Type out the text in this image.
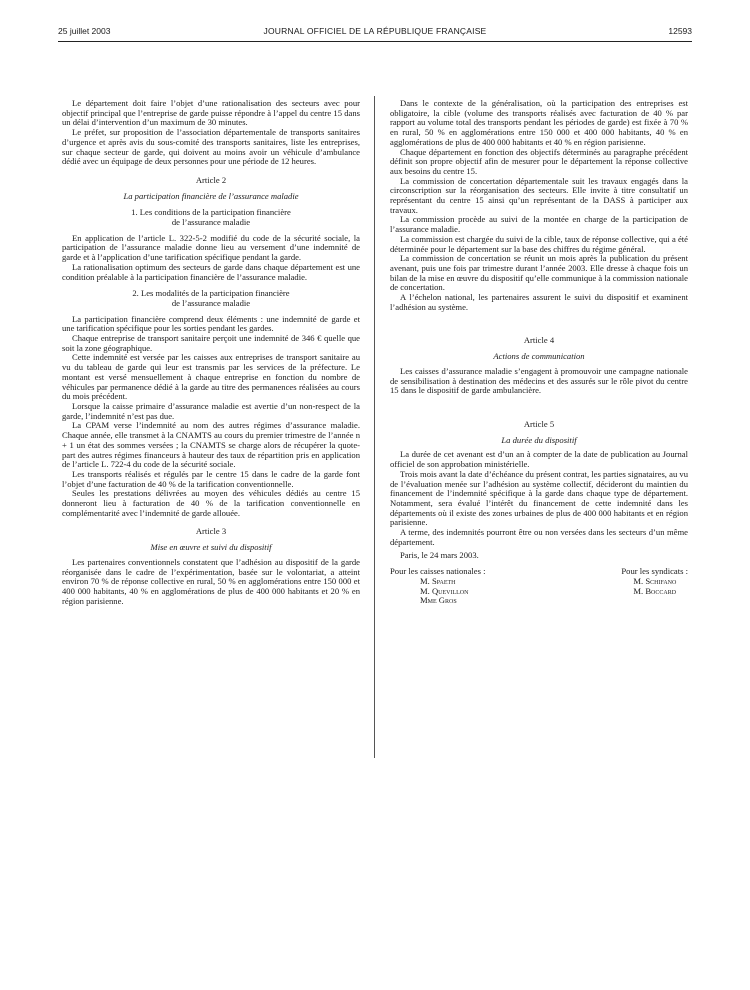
25 juillet 2003	JOURNAL OFFICIEL DE LA RÉPUBLIQUE FRANÇAISE	12593

Le département doit faire l’objet d’une rationalisation des secteurs avec pour objectif principal que l’entreprise de garde puisse répondre à l’appel du centre 15 dans un délai d’intervention d’un maximum de 30 minutes.

Le préfet, sur proposition de l’association départementale de transports sanitaires d’urgence et après avis du sous-comité des transports sanitaires, liste les entreprises, sur chaque secteur de garde, qui doivent au moins avoir un véhicule d’ambulance dédié avec un équipage de deux personnes pour une période de 12 heures.

Article 2

La participation financière de l’assurance maladie

1. Les conditions de la participation financière
de l’assurance maladie

En application de l’article L. 322-5-2 modifié du code de la sécurité sociale, la participation de l’assurance maladie donne lieu au versement d’une indemnité de garde et à l’application d’une tarification spécifique pendant la garde.

La rationalisation optimum des secteurs de garde dans chaque département est une condition préalable à la participation financière de l’assurance maladie.

2. Les modalités de la participation financière
de l’assurance maladie

La participation financière comprend deux éléments : une indemnité de garde et une tarification spécifique pour les sorties pendant les gardes.

Chaque entreprise de transport sanitaire perçoit une indemnité de 346 € quelle que soit la zone géographique.

Cette indemnité est versée par les caisses aux entreprises de transport sanitaire au vu du tableau de garde qui leur est transmis par les services de la préfecture. Le montant est versé mensuellement à chaque entreprise en fonction du nombre de véhicules par permanence dédié à la garde au titre des permanences réalisées au cours du mois précédent.

Lorsque la caisse primaire d’assurance maladie est avertie d’un non-respect de la garde, l’indemnité n’est pas due.

La CPAM verse l’indemnité au nom des autres régimes d’assurance maladie. Chaque année, elle transmet à la CNAMTS au cours du premier trimestre de l’année n + 1 un état des sommes versées ; la CNAMTS se charge alors de récupérer la quote-part des autres régimes financeurs à hauteur des taux de répartition pris en application de l’article L. 722-4 du code de la sécurité sociale.

Les transports réalisés et régulés par le centre 15 dans le cadre de la garde font l’objet d’une facturation de 40 % de la tarification conventionnelle.

Seules les prestations délivrées au moyen des véhicules dédiés au centre 15 donneront lieu à facturation de 40 % de la tarification conventionnelle en complémentarité avec l’indemnité de garde allouée.

Article 3

Mise en œuvre et suivi du dispositif

Les partenaires conventionnels constatent que l’adhésion au dispositif de la garde réorganisée dans le cadre de l’expérimentation, basée sur le volontariat, a atteint environ 70 % de réponse collective en rural, 50 % en agglomérations entre 150 000 et 400 000 habitants, 40 % en agglomérations de plus de 400 000 habitants et 20 % en région parisienne.

Dans le contexte de la généralisation, où la participation des entreprises est obligatoire, la cible (volume des transports réalisés avec facturation de 40 % par rapport au volume total des transports pendant les périodes de garde) est fixée à 70 % en rural, 50 % en agglomérations entre 150 000 et 400 000 habitants, 40 % en agglomérations de plus de 400 000 habitants et 40 % en région parisienne.

Chaque département en fonction des objectifs déterminés au paragraphe précédent définit son propre objectif afin de mesurer pour le département la réponse collective aux besoins du centre 15.

La commission de concertation départementale suit les travaux engagés dans la circonscription sur la réorganisation des secteurs. Elle invite à titre consultatif un représentant du centre 15 ainsi qu’un représentant de la DASS à participer aux travaux.

La commission procède au suivi de la montée en charge de la participation de l’assurance maladie.

La commission est chargée du suivi de la cible, taux de réponse collective, qui a été déterminée pour le département sur la base des chiffres du régime général.

La commission de concertation se réunit un mois après la publication du présent avenant, puis une fois par trimestre durant l’année 2003. Elle dresse à chaque fois un bilan de la mise en œuvre du dispositif qu’elle communique à la commission nationale de concertation.

A l’échelon national, les partenaires assurent le suivi du dispositif et examinent l’adhésion au système.

Article 4

Actions de communication

Les caisses d’assurance maladie s’engagent à promouvoir une campagne nationale de sensibilisation à destination des médecins et des assurés sur le rôle pivot du centre 15 dans le dispositif de garde ambulancière.

Article 5

La durée du dispositif

La durée de cet avenant est d’un an à compter de la date de publication au Journal officiel de son approbation ministérielle.

Trois mois avant la date d’échéance du présent contrat, les parties signataires, au vu de l’évaluation menée sur l’adhésion au système collectif, décideront du maintien du financement de l’indemnité spécifique à la garde dans chaque type de département. Notamment, sera évalué l’intérêt du financement de cette indemnité dans les départements où il existe des zones urbaines de plus de 400 000 habitants et en région parisienne.

A terme, des indemnités pourront être ou non versées dans les secteurs d’un même département.

Paris, le 24 mars 2003.

Pour les caisses nationales :
M. Spaeth
M. Quevillon
Mme Gros
Pour les syndicats :
M. Schifano
M. Boccard
